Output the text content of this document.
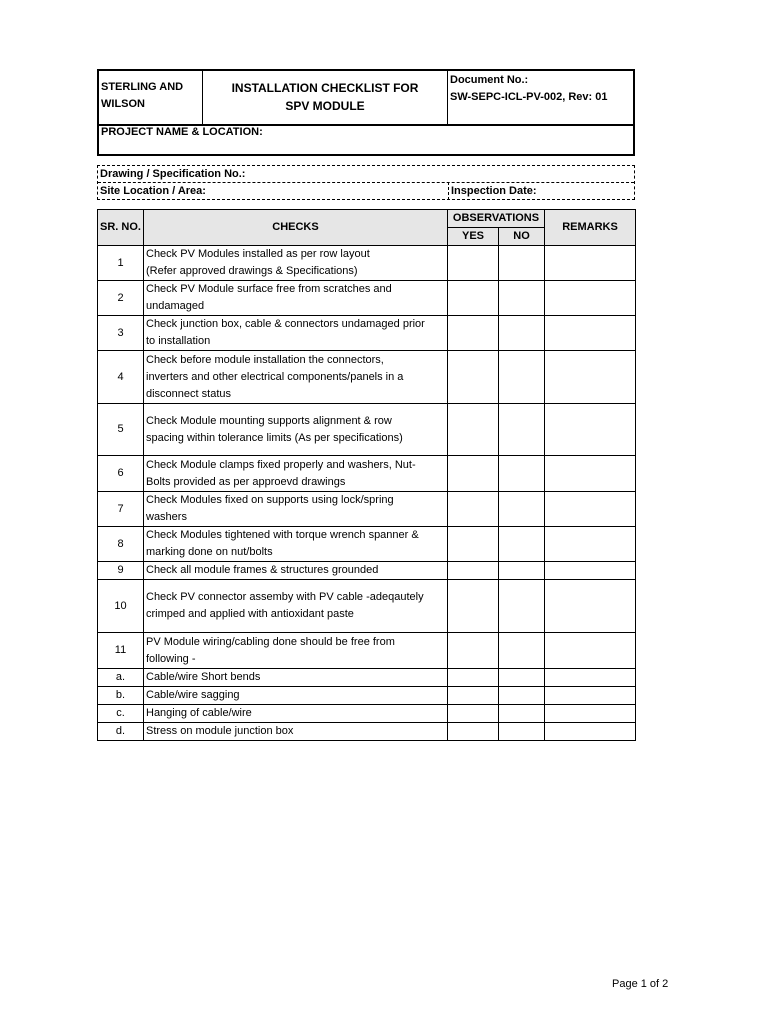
STERLING AND
WILSON
INSTALLATION CHECKLIST FOR
SPV MODULE
Document No.:
SW-SEPC-ICL-PV-002, Rev: 01
PROJECT NAME & LOCATION:
Drawing / Specification No.:
Site Location / Area:	Inspection Date:
SR. NO.	CHECKS	OBSERVATIONS		REMARKS
		YES	NO	
1	Check PV Modules installed as per row layout
(Refer approved drawings & Specifications)			
2	Check PV Module surface free from scratches and
undamaged			
3	Check junction box, cable & connectors undamaged prior
to installation			
4	Check before module installation the connectors,
inverters and other electrical components/panels in a
disconnect status			
5	Check Module mounting supports alignment & row
spacing within tolerance limits (As per specifications)			
6	Check Module clamps fixed properly and washers, Nut-
Bolts provided as per approevd drawings			
7	Check Modules fixed on supports using lock/spring
washers			
8	Check Modules tightened with torque wrench spanner &
marking done on nut/bolts			
9	Check all module frames & structures grounded			
10	Check PV connector assemby with PV cable -adeqautely
crimped and applied with antioxidant paste			
11	PV Module wiring/cabling done should be free from
following -			
a.	Cable/wire Short bends			
b.	Cable/wire sagging			
c.	Hanging of cable/wire			
d.	Stress on module junction box			
Page 1 of 2
